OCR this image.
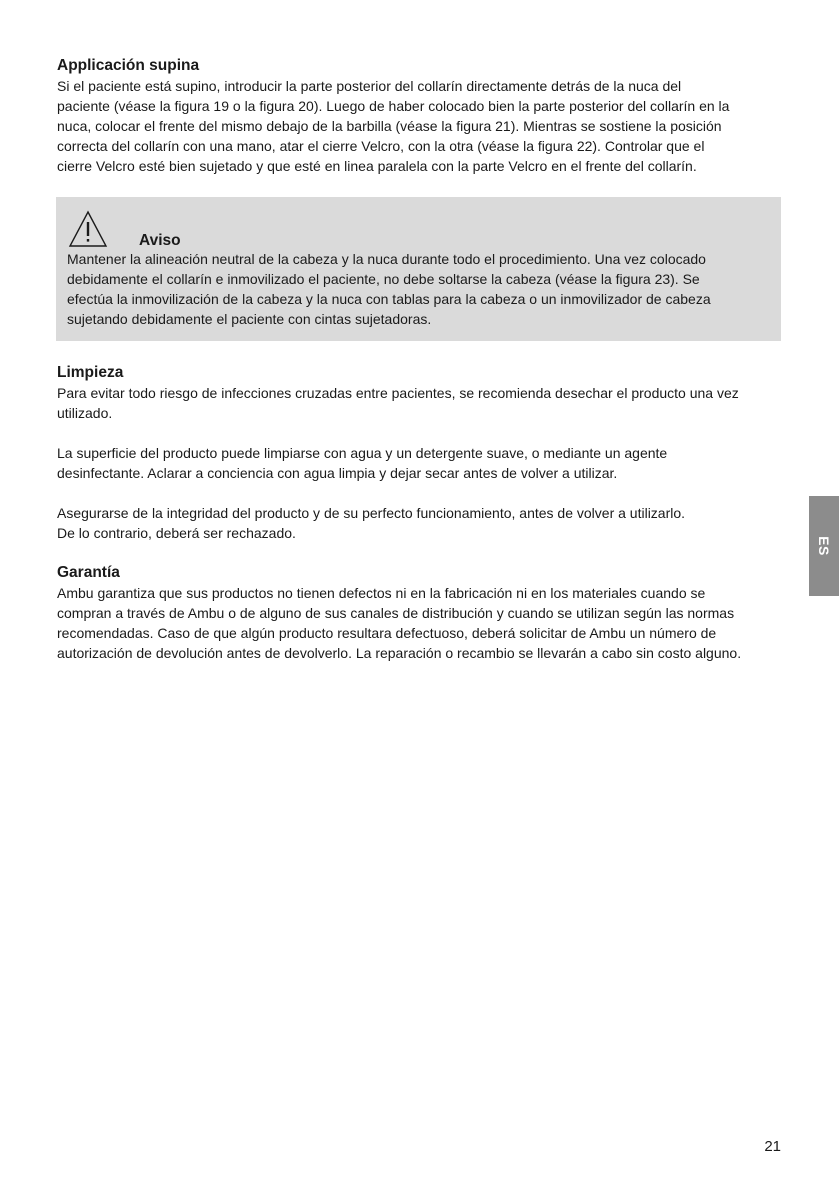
Applicación supina

Si el paciente está supino, introducir la parte posterior del collarín directamente detrás de la nuca del

paciente (véase la figura 19 o la figura 20). Luego de haber colocado bien la parte posterior del collarín en la

nuca, colocar el frente del mismo debajo de la barbilla (véase la figura 21). Mientras se sostiene la posición

correcta del collarín con una mano, atar el cierre Velcro, con la otra (véase la figura 22). Controlar que el

cierre Velcro esté bien sujetado y que esté en linea paralela con la parte Velcro en el frente del collarín.

Aviso

Mantener la alineación neutral de la cabeza y la nuca durante todo el procedimiento. Una vez colocado

debidamente el collarín e inmovilizado el paciente, no debe soltarse la cabeza (véase la figura 23). Se

efectúa la inmovilización de la cabeza y la nuca con tablas para la cabeza o un inmovilizador de cabeza

sujetando debidamente el paciente con cintas sujetadoras.

Limpieza

Para evitar todo riesgo de infecciones cruzadas entre pacientes, se recomienda desechar el producto una vez

utilizado.

La superficie del producto puede limpiarse con agua y un detergente suave, o mediante un agente

desinfectante. Aclarar a conciencia con agua limpia y dejar secar antes de volver a utilizar.

Asegurarse de la integridad del producto y de su perfecto funcionamiento, antes de volver a utilizarlo.

De lo contrario, deberá ser rechazado.

Garantía

Ambu garantiza que sus productos no tienen defectos ni en la fabricación ni en los materiales cuando se

compran a través de Ambu o de alguno de sus canales de distribución y cuando se utilizan según las normas

recomendadas. Caso de que algún producto resultara defectuoso, deberá solicitar de Ambu un número de

autorización de devolución antes de devolverlo. La reparación o recambio se llevarán a cabo sin costo alguno.

ES
21
